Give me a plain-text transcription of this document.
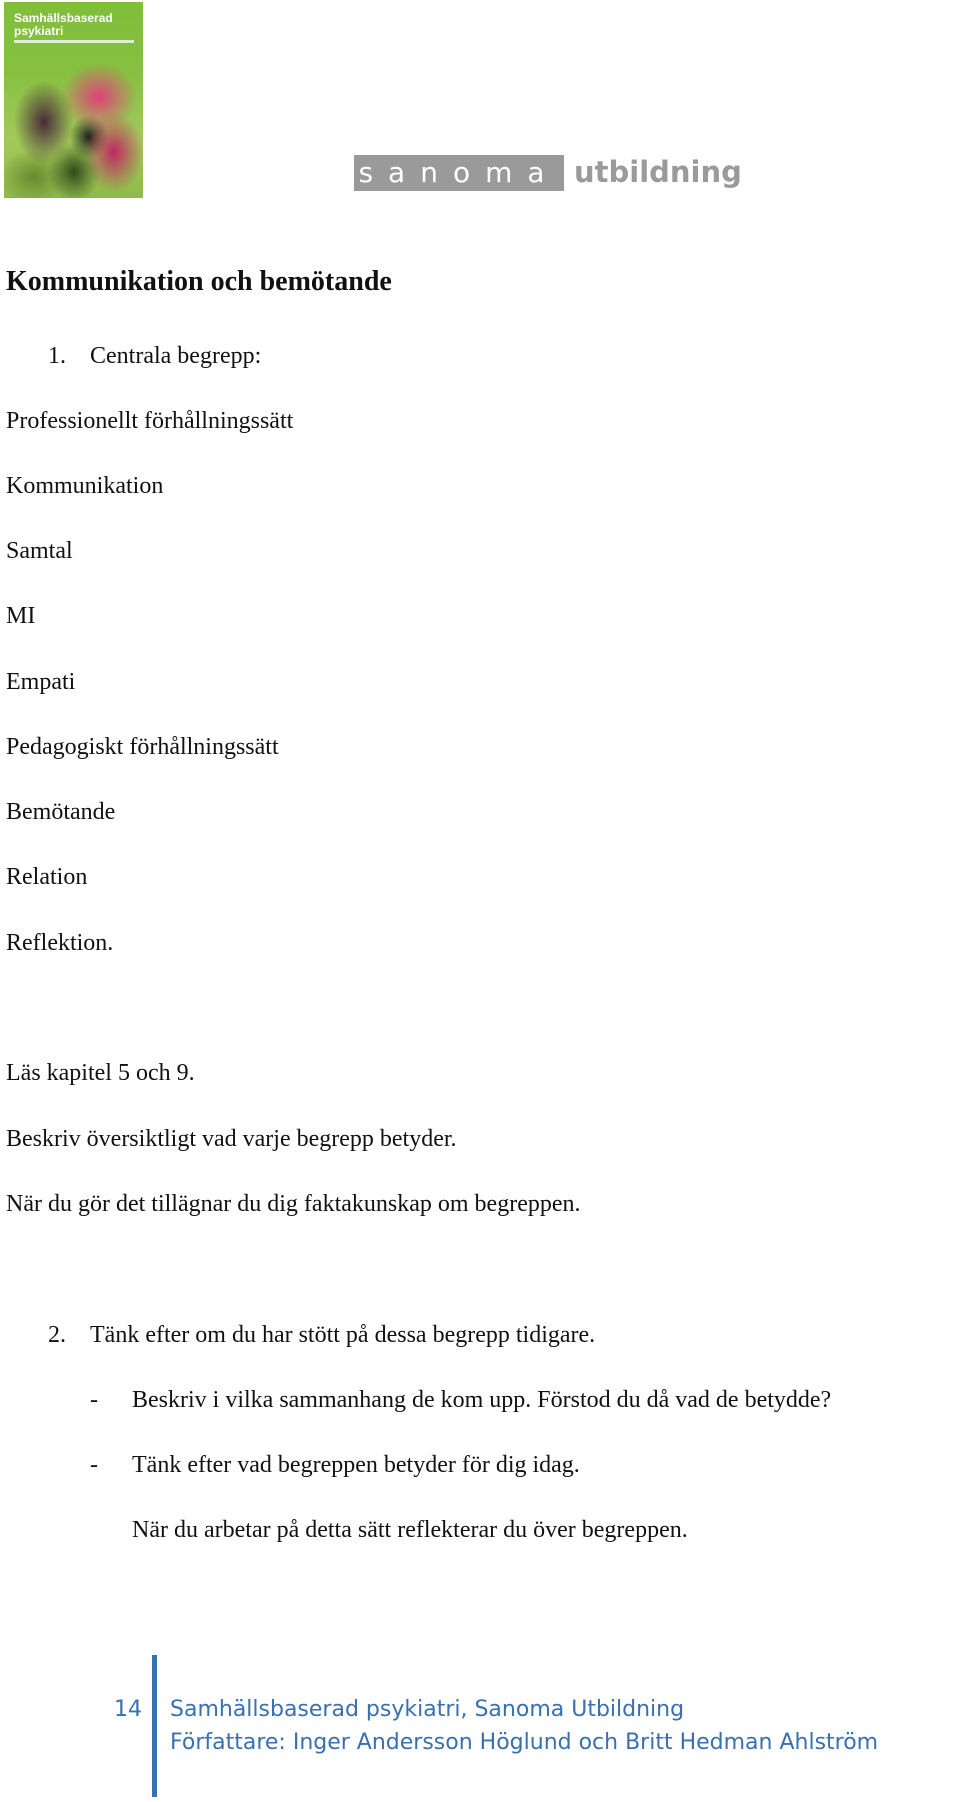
Samhällsbaserad psykiatri
sanoma utbildning
Kommunikation och bemötande
1. Centrala begrepp:
Professionellt förhållningssätt
Kommunikation
Samtal
MI
Empati
Pedagogiskt förhållningssätt
Bemötande
Relation
Reflektion.
Läs kapitel 5 och 9.
Beskriv översiktligt vad varje begrepp betyder.
När du gör det tillägnar du dig faktakunskap om begreppen.
2. Tänk efter om du har stött på dessa begrepp tidigare.
- Beskriv i vilka sammanhang de kom upp. Förstod du då vad de betydde?
- Tänk efter vad begreppen betyder för dig idag.
När du arbetar på detta sätt reflekterar du över begreppen.
14 Samhällsbaserad psykiatri, Sanoma Utbildning
Författare: Inger Andersson Höglund och Britt Hedman Ahlström
